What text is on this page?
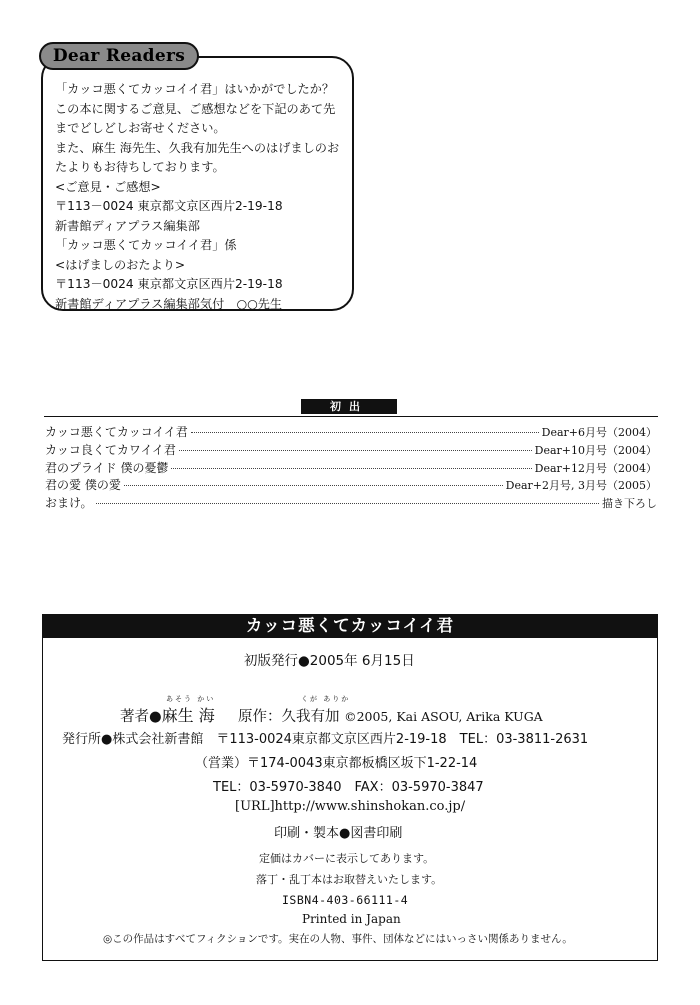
Dear Readers

「カッコ悪くてカッコイイ君」はいかがでしたか？

この本に関するご意見、ご感想などを下記のあて先

までどしどしお寄せください。

また、麻生 海先生、久我有加先生へのはげましのお

たよりもお待ちしております。

<ご意見・ご感想>

〒113－0024 東京都文京区西片2-19-18

新書館ディアプラス編集部

「カッコ悪くてカッコイイ君」係

<はげましのおたより>

〒113－0024 東京都文京区西片2-19-18

新書館ディアプラス編集部気付　○○先生

初出
カッコ悪くてカッコイイ君	Dear+6月号（2004）
カッコ良くてカワイイ君	Dear+10月号（2004）
君のプライド 僕の憂鬱	Dear+12月号（2004）
君の愛 僕の愛	Dear+2月号, 3月号（2005）
おまけ。	描き下ろし
カッコ悪くてカッコイイ君
初版発行●2005年 6月15日
あそう かい	くが ありか
著者●麻生 海 原作：久我有加 ©2005, Kai ASOU, Arika KUGA
発行所●株式会社新書館　〒113-0024東京都文京区西片2-19-18　TEL：03-3811-2631
（営業）〒174-0043東京都板橋区坂下1-22-14
TEL：03-5970-3840　FAX：03-5970-3847
[URL]http://www.shinshokan.co.jp/
印刷・製本●図書印刷
定価はカバーに表示してあります。
落丁・乱丁本はお取替えいたします。
ISBN4-403-66111-4
Printed in Japan
◎この作品はすべてフィクションです。実在の人物、事件、団体などにはいっさい関係ありません。
